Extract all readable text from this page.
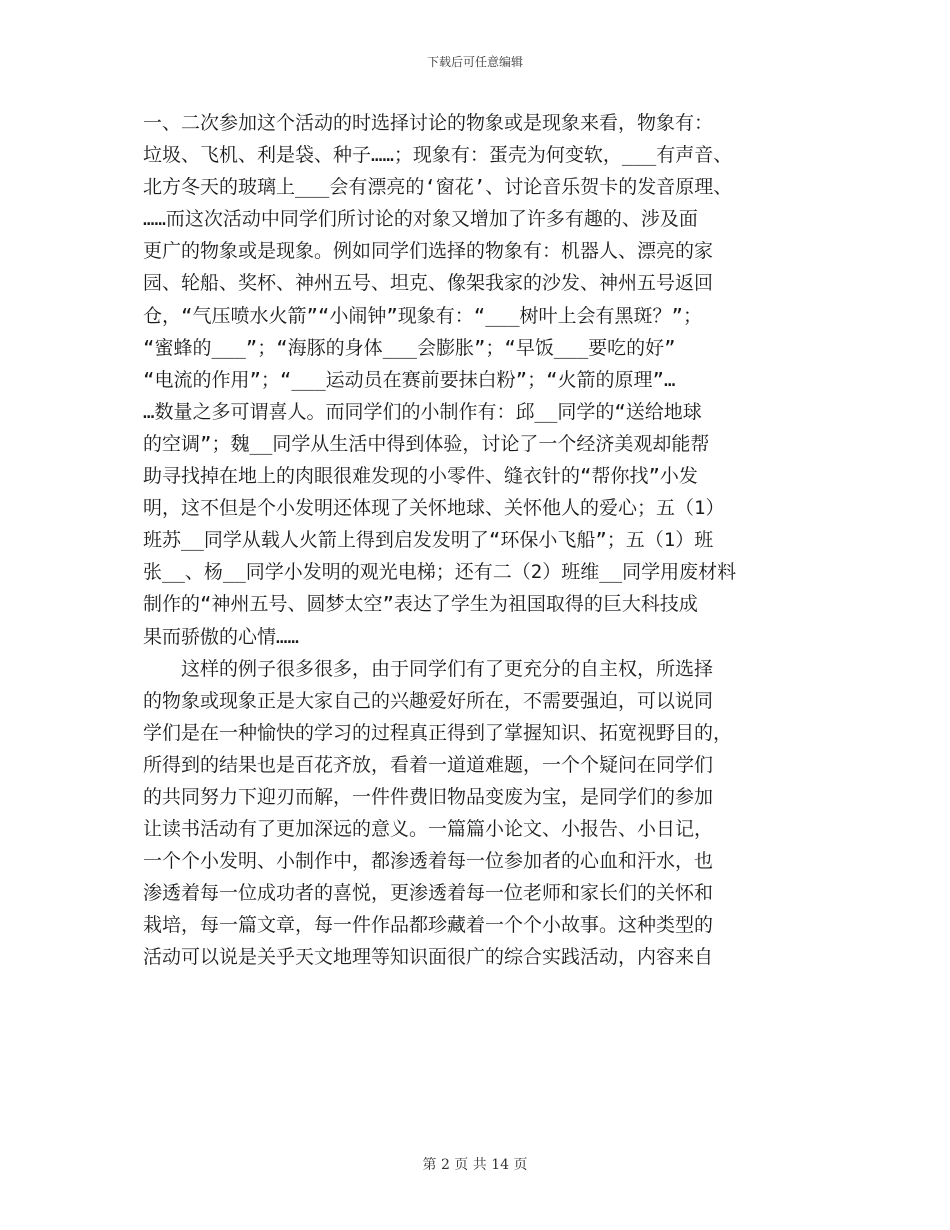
下载后可任意编辑
一、二次参加这个活动的时选择讨论的物象或是现象来看，物象有：
垃圾、飞机、利是袋、种子……；现象有：蛋壳为何变软，___有声音、
北方冬天的玻璃上___会有漂亮的‘窗花’、讨论音乐贺卡的发音原理、
……而这次活动中同学们所讨论的对象又增加了许多有趣的、涉及面
更广的物象或是现象。例如同学们选择的物象有：机器人、漂亮的家
园、轮船、奖杯、神州五号、坦克、像架我家的沙发、神州五号返回
仓，“气压喷水火箭”“小闹钟”现象有：“___树叶上会有黑斑？”；
“蜜蜂的___”；“海豚的身体___会膨胀”；“早饭___要吃的好”
“电流的作用”；“___运动员在赛前要抹白粉”；“火箭的原理”…
…数量之多可谓喜人。而同学们的小制作有：邱__同学的“送给地球
的空调”；魏__同学从生活中得到体验，讨论了一个经济美观却能帮
助寻找掉在地上的肉眼很难发现的小零件、缝衣针的“帮你找”小发
明，这不但是个小发明还体现了关怀地球、关怀他人的爱心；五（1）
班苏__同学从载人火箭上得到启发发明了“环保小飞船”；五（1）班
张__、杨__同学小发明的观光电梯；还有二（2）班维__同学用废材料
制作的“神州五号、圆梦太空”表达了学生为祖国取得的巨大科技成
果而骄傲的心情……
　　这样的例子很多很多，由于同学们有了更充分的自主权，所选择
的物象或现象正是大家自己的兴趣爱好所在，不需要强迫，可以说同
学们是在一种愉快的学习的过程真正得到了掌握知识、拓宽视野目的，
所得到的结果也是百花齐放，看着一道道难题，一个个疑问在同学们
的共同努力下迎刃而解，一件件费旧物品变废为宝，是同学们的参加
让读书活动有了更加深远的意义。一篇篇小论文、小报告、小日记，
一个个小发明、小制作中，都渗透着每一位参加者的心血和汗水，也
渗透着每一位成功者的喜悦，更渗透着每一位老师和家长们的关怀和
栽培，每一篇文章，每一件作品都珍藏着一个个小故事。这种类型的
活动可以说是关乎天文地理等知识面很广的综合实践活动，内容来自
第 2 页 共 14 页
